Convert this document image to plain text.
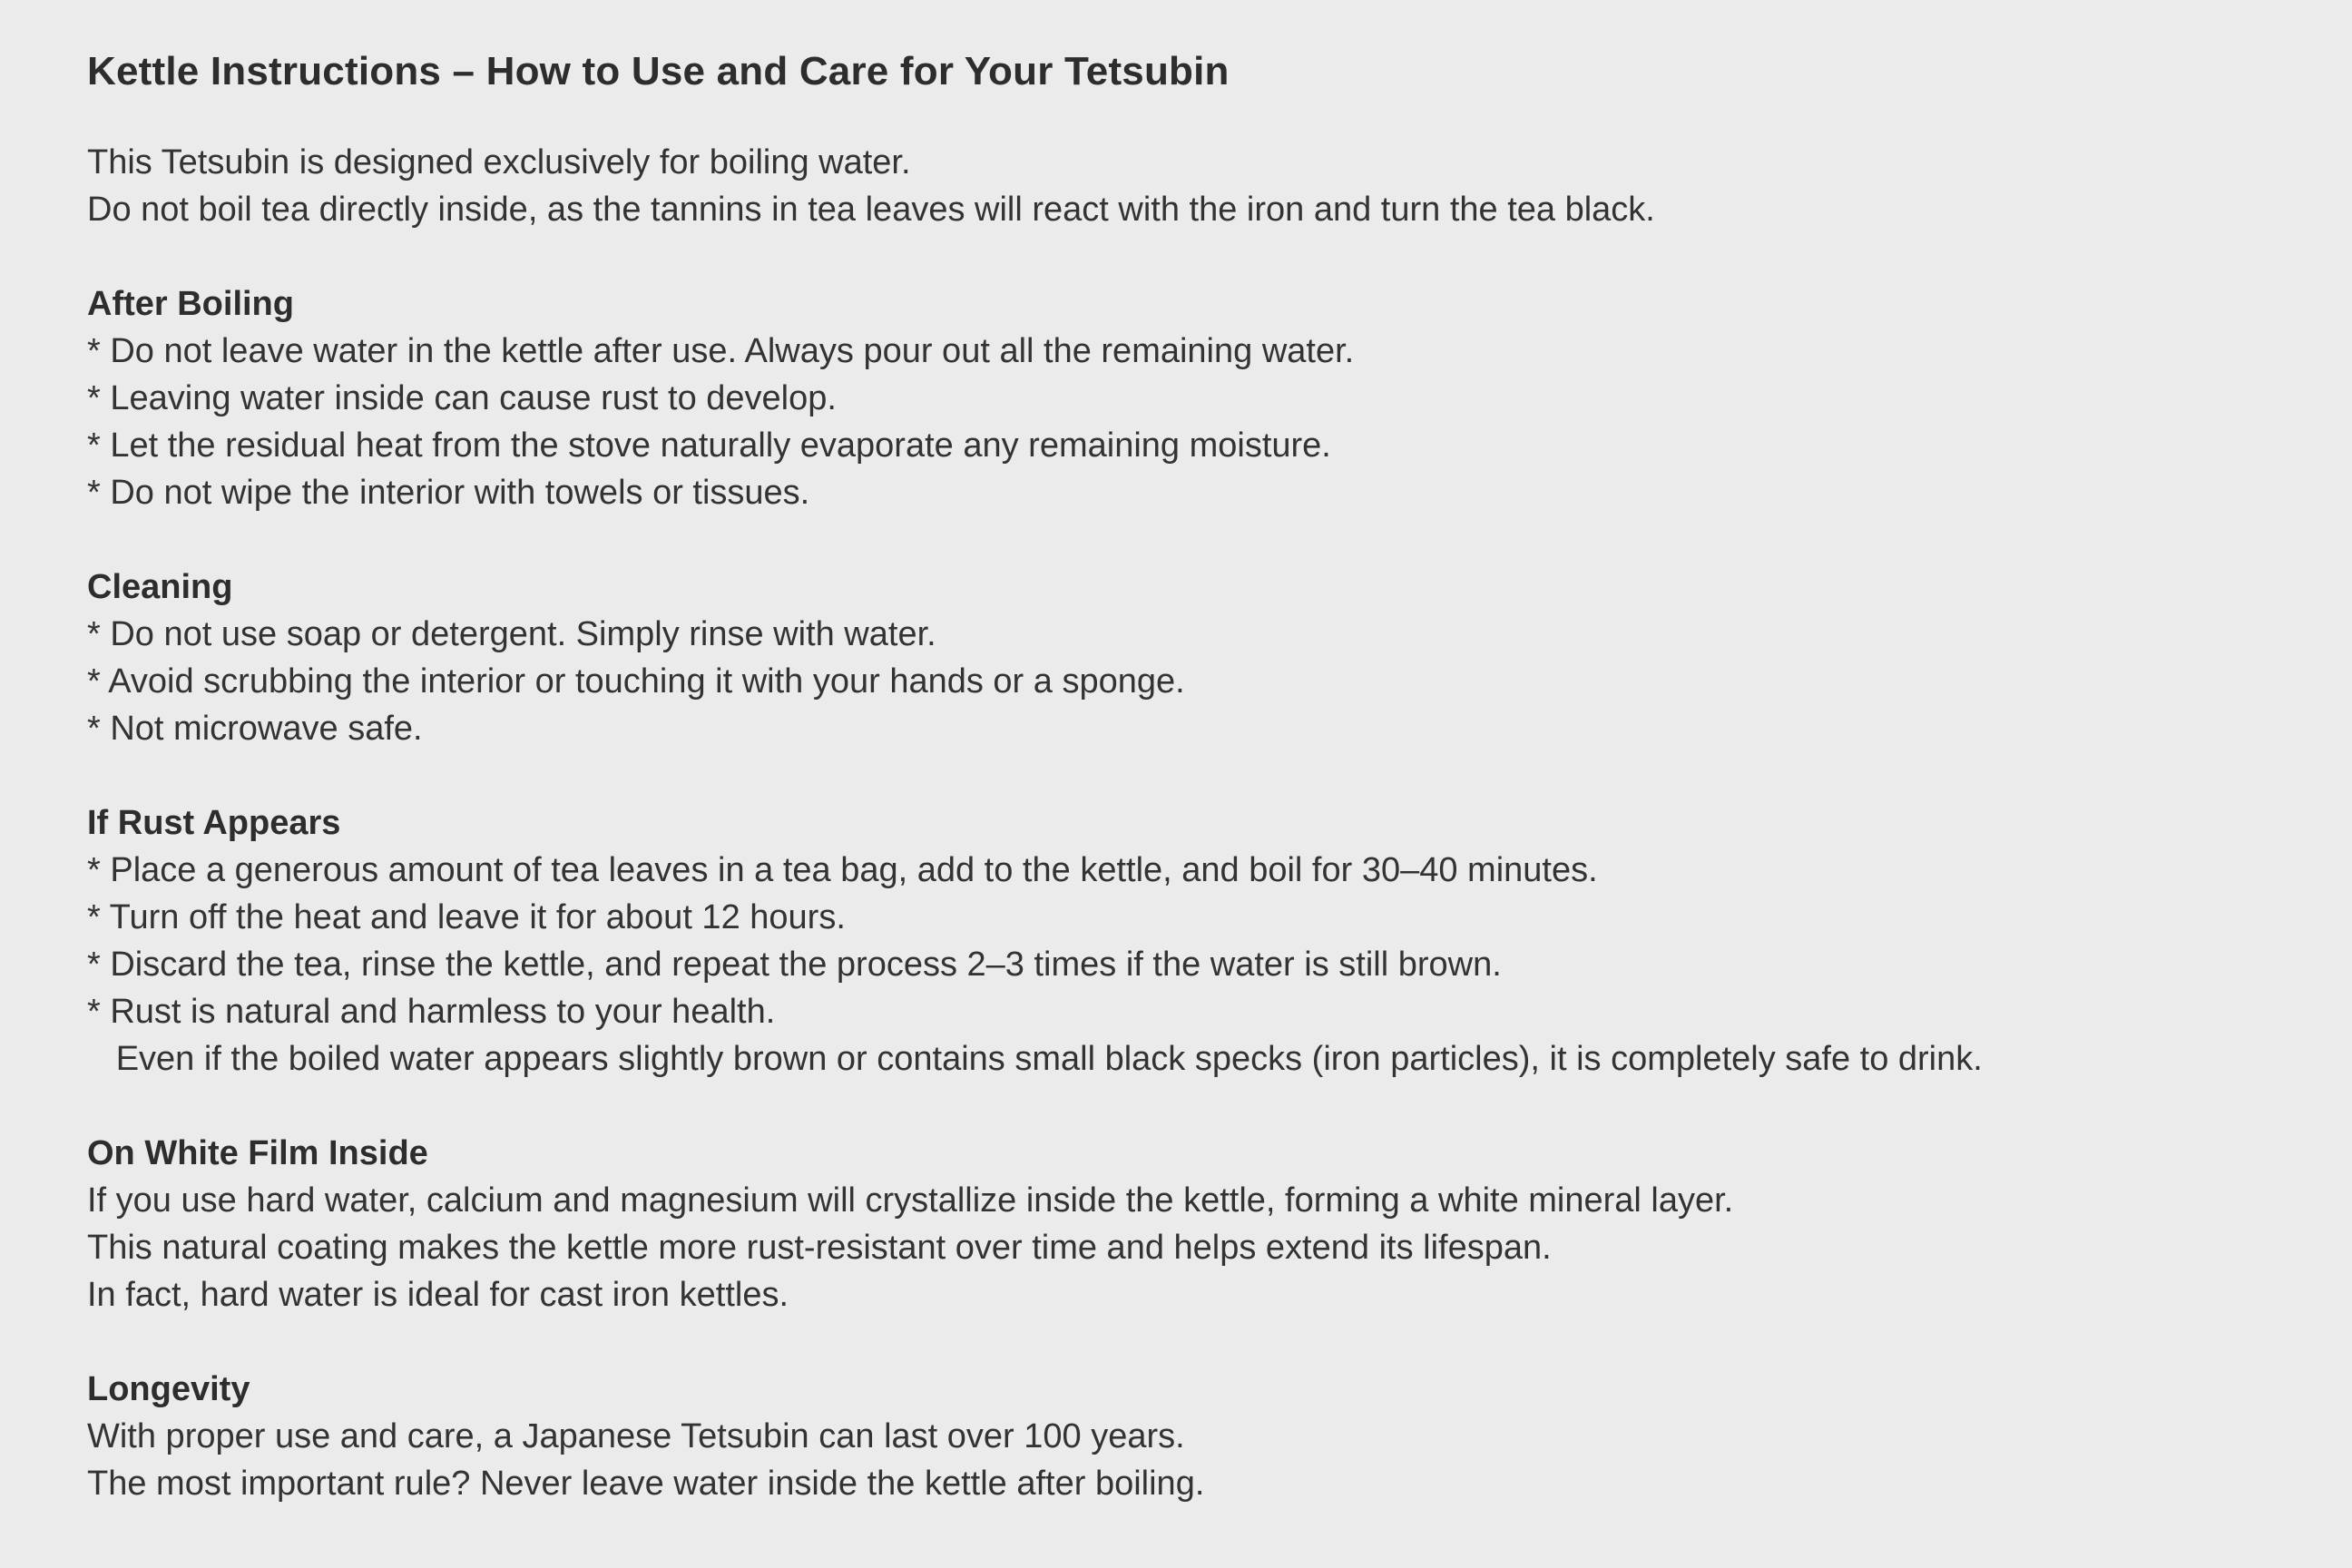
Kettle Instructions – How to Use and Care for Your Tetsubin
This Tetsubin is designed exclusively for boiling water.
Do not boil tea directly inside, as the tannins in tea leaves will react with the iron and turn the tea black.
After Boiling
* Do not leave water in the kettle after use. Always pour out all the remaining water.
* Leaving water inside can cause rust to develop.
* Let the residual heat from the stove naturally evaporate any remaining moisture.
* Do not wipe the interior with towels or tissues.
Cleaning
* Do not use soap or detergent. Simply rinse with water.
* Avoid scrubbing the interior or touching it with your hands or a sponge.
* Not microwave safe.
If Rust Appears
* Place a generous amount of tea leaves in a tea bag, add to the kettle, and boil for 30–40 minutes.
* Turn off the heat and leave it for about 12 hours.
* Discard the tea, rinse the kettle, and repeat the process 2–3 times if the water is still brown.
* Rust is natural and harmless to your health.
Even if the boiled water appears slightly brown or contains small black specks (iron particles), it is completely safe to drink.
On White Film Inside
If you use hard water, calcium and magnesium will crystallize inside the kettle, forming a white mineral layer.
This natural coating makes the kettle more rust-resistant over time and helps extend its lifespan.
In fact, hard water is ideal for cast iron kettles.
Longevity
With proper use and care, a Japanese Tetsubin can last over 100 years.
The most important rule? Never leave water inside the kettle after boiling.
